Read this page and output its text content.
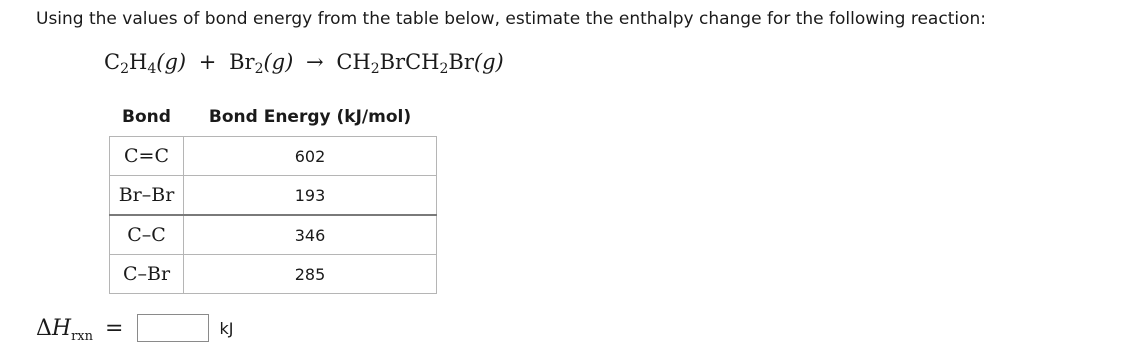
Using the values of bond energy from the table below, estimate the enthalpy change for the following reaction:
$C_2H_4(g) + Br_2(g)$ → $CH_2BrCH_2Br(g)$
Bond	Bond Energy (kJ/mol)
C=C	602
Br–Br	193
C–C	346
C–Br	285
$\Delta H_{rxn}$ =	kJ
